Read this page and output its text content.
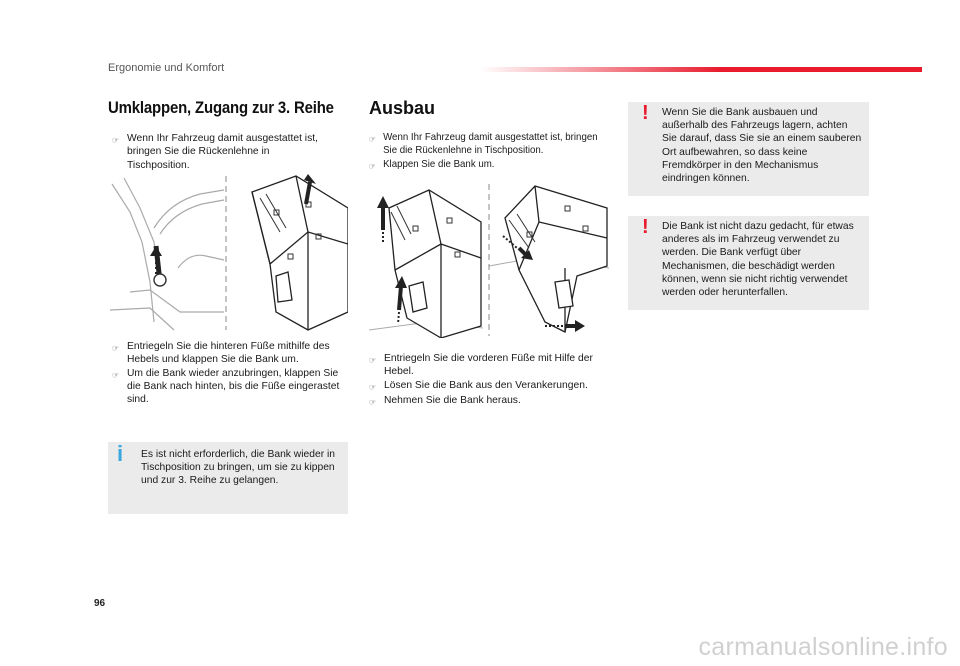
Ergonomie und Komfort
Umklappen, Zugang zur 3. Reihe
☞ Wenn Ihr Fahrzeug damit ausgestattet ist, bringen Sie die Rückenlehne in Tischposition.
☞ Entriegeln Sie die hinteren Füße mithilfe des Hebels und klappen Sie die Bank um.
☞ Um die Bank wieder anzubringen, klappen Sie die Bank nach hinten, bis die Füße eingerastet sind.
i Es ist nicht erforderlich, die Bank wieder in Tischposition zu bringen, um sie zu kippen und zur 3. Reihe zu gelangen.
Ausbau
☞ Wenn Ihr Fahrzeug damit ausgestattet ist, bringen Sie die Rückenlehne in Tischposition.
☞ Klappen Sie die Bank um.
☞ Entriegeln Sie die vorderen Füße mit Hilfe der Hebel.
☞ Lösen Sie die Bank aus den Verankerungen.
☞ Nehmen Sie die Bank heraus.
! Wenn Sie die Bank ausbauen und außerhalb des Fahrzeugs lagern, achten Sie darauf, dass Sie sie an einem sauberen Ort aufbewahren, so dass keine Fremdkörper in den Mechanismus eindringen können.
! Die Bank ist nicht dazu gedacht, für etwas anderes als im Fahrzeug verwendet zu werden. Die Bank verfügt über Mechanismen, die beschädigt werden können, wenn sie nicht richtig verwendet werden oder herunterfallen.
96
carmanualsonline.info
